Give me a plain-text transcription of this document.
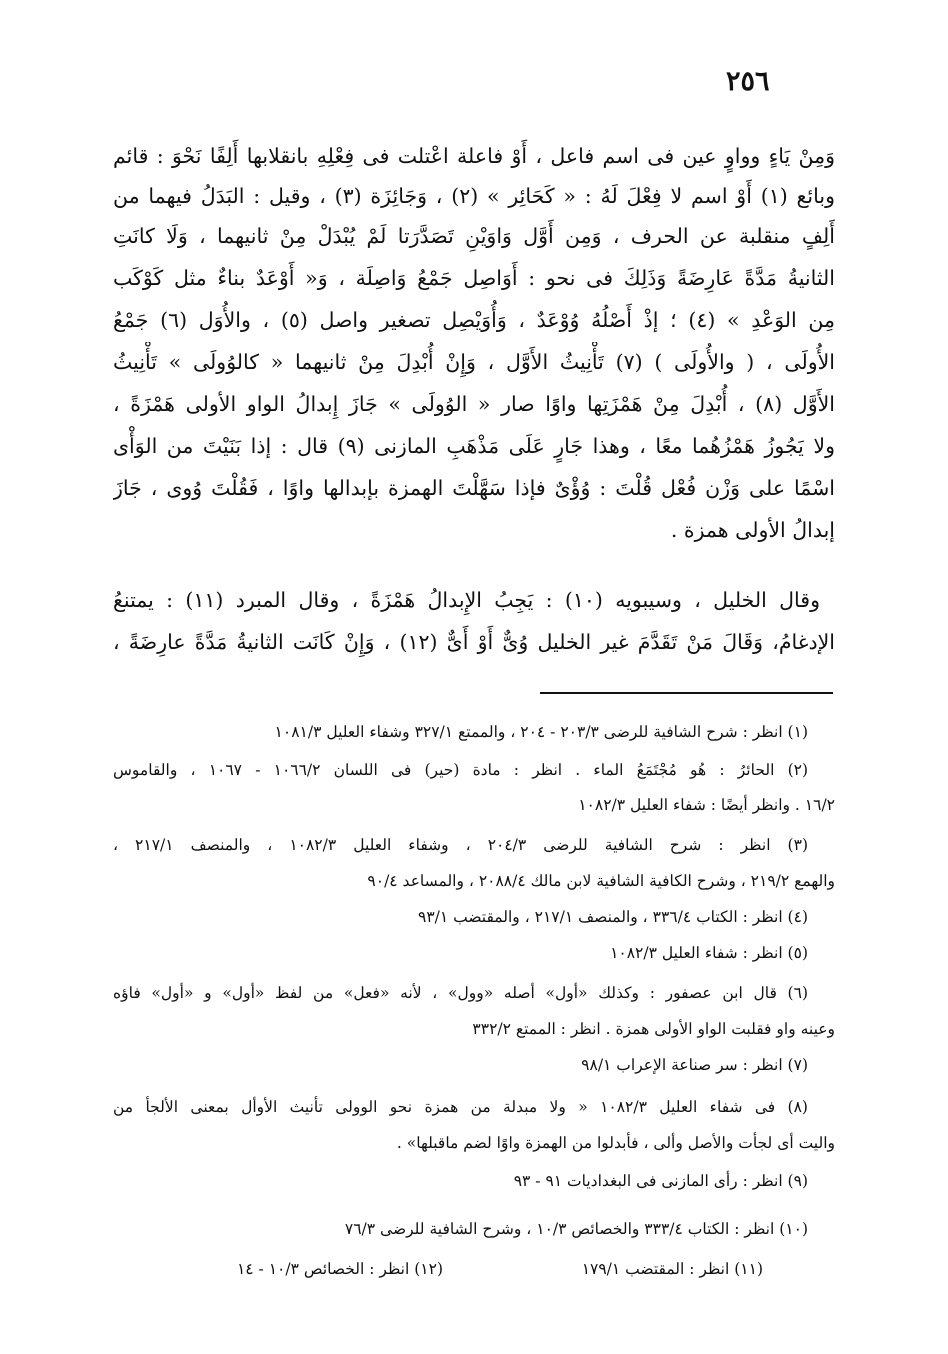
٢٥٦
وَمِنْ يَاءٍ وواوٍ عين فى اسم فاعل ، أَوْ فاعلة اعْتلت فى فِعْلِهِ بانقلابها أَلِفًا نَحْوَ : قائم
وبائع (١) أَوْ اسم لا فِعْلَ لَهُ : « كَحَائِر » (٢) ، وَجَائِزَة (٣) ، وقيل : البَدَلُ فيهما من
أَلِفٍ منقلبة عن الحرف ، وَمِن أَوَّل وَاوَيْنِ تَصَدَّرَتا لَمْ يُبْدَلْ مِنْ ثانيهما ، وَلَا كانَتِ
الثانيةُ مَدَّةً عَارِضَةً وَذَلِكَ فى نحو : أَوَاصِل جَمْعُ وَاصِلَة ، وَ« أَوْعَدٌ بناءٌ مثل كَوْكَب
مِن الوَعْدِ » (٤) ؛ إذْ أَصْلُهُ وُوْعَدٌ ، وَأُوَيْصِل تصغير واصل (٥) ، والأُوَل (٦) جَمْعُ
الأُولَى ، ( والأُولَى ) (٧) تَأْنِيثُ الأَوَّل ، وَإِنْ أُبْدِلَ مِنْ ثانيهما « كالوُولَى » تَأْنِيثُ
الأَوَّل (٨) ، أُبْدِلَ مِنْ هَمْزَتِها واوًا صار « الوُولَى » جَازَ إِبدالُ الواو الأولى هَمْزَةً ،
ولا يَجُوزُ هَمْزُهُما معًا ، وهذا جَارٍ عَلَى مَذْهَبِ المازنى (٩) قال : إذا بَنَيْتَ من الوَأْى
اسْمًا على وَزْن فُعْل قُلْتَ : وُؤْىٌ فإذا سَهَّلْتَ الهمزة بإبدالها واوًا ، فَقُلْتَ وُوى ، جَازَ
إبدالُ الأولى همزة .
وقال الخليل ، وسيبويه (١٠) : يَجِبُ الإِبدالُ هَمْزَةً ، وقال المبرد (١١) : يمتنعُ
الإدغامُ، وَقَالَ مَنْ تَقَدَّمَ غير الخليل وُىٌّ أَوْ أَىٌّ (١٢) ، وَإِنْ كَانَت الثانيةُ مَدَّةً عارِضَةً ،
(١) انظر : شرح الشافية للرضى ٢٠٣/٣ - ٢٠٤ ، والممتع ٣٢٧/١ وشفاء العليل ١٠٨١/٣
(٢) الحائرُ : هُو مُجْتَمَعُ الماء . انظر : مادة (حير) فى اللسان ١٠٦٦/٢ - ١٠٦٧ ، والقاموس
١٦/٢ . وانظر أيضًا : شفاء العليل ١٠٨٢/٣
(٣) انظر : شرح الشافية للرضى ٢٠٤/٣ ، وشفاء العليل ١٠٨٢/٣ ، والمنصف ٢١٧/١ ،
والهمع ٢١٩/٢ ، وشرح الكافية الشافية لابن مالك ٢٠٨٨/٤ ، والمساعد ٩٠/٤
(٤) انظر : الكتاب ٣٣٦/٤ ، والمنصف ٢١٧/١ ، والمقتضب ٩٣/١
(٥) انظر : شفاء العليل ١٠٨٢/٣
(٦) قال ابن عصفور : وكذلك «أول» أصله «وول» ، لأنه «فعل» من لفظ «أول» و «أول» فاؤه
وعينه واو فقلبت الواو الأولى همزة . انظر : الممتع ٣٣٢/٢
(٧) انظر : سر صناعة الإعراب ٩٨/١
(٨) فى شفاء العليل ١٠٨٢/٣ « ولا مبدلة من همزة نحو الوولى تأنيث الأوأل بمعنى الألجأ من
واليت أى لجأت والأصل وألى ، فأبدلوا من الهمزة واوًا لضم ماقبلها» .
(٩) انظر : رأى المازنى فى البغداديات ٩١ - ٩٣
(١٠) انظر : الكتاب ٣٣٣/٤ والخصائص ١٠/٣ ، وشرح الشافية للرضى ٧٦/٣
(١١) انظر : المقتضب ١٧٩/١
(١٢) انظر : الخصائص ١٠/٣ - ١٤
